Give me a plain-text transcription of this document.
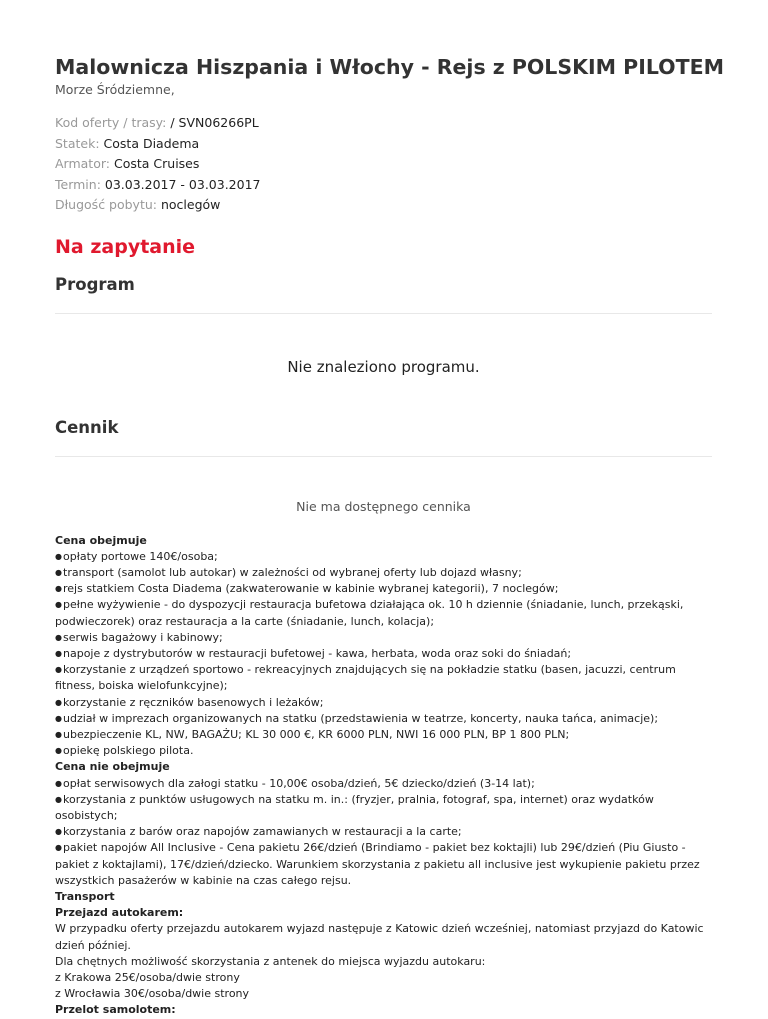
Malownicza Hiszpania i Włochy - Rejs z POLSKIM PILOTEM
Morze Śródziemne,
Kod oferty / trasy: / SVN06266PL
Statek: Costa Diadema
Armator: Costa Cruises
Termin: 03.03.2017 - 03.03.2017
Długość pobytu: noclegów
Na zapytanie
Program
Nie znaleziono programu.
Cennik
Nie ma dostępnego cennika
Cena obejmuje
●opłaty portowe 140€/osoba;
●transport (samolot lub autokar) w zależności od wybranej oferty lub dojazd własny;
●rejs statkiem Costa Diadema (zakwaterowanie w kabinie wybranej kategorii), 7 noclegów;
●pełne wyżywienie - do dyspozycji restauracja bufetowa działająca ok. 10 h dziennie (śniadanie, lunch, przekąski, podwieczorek) oraz restauracja a la carte (śniadanie, lunch, kolacja);
●serwis bagażowy i kabinowy;
●napoje z dystrybutorów w restauracji bufetowej - kawa, herbata, woda oraz soki do śniadań;
●korzystanie z urządzeń sportowo - rekreacyjnych znajdujących się na pokładzie statku (basen, jacuzzi, centrum fitness, boiska wielofunkcyjne);
●korzystanie z ręczników basenowych i leżaków;
●udział w imprezach organizowanych na statku (przedstawienia w teatrze, koncerty, nauka tańca, animacje);
●ubezpieczenie KL, NW, BAGAŻU; KL 30 000 €, KR 6000 PLN, NWI 16 000 PLN, BP 1 800 PLN;
●opiekę polskiego pilota.
Cena nie obejmuje
●opłat serwisowych dla załogi statku - 10,00€ osoba/dzień, 5€ dziecko/dzień (3-14 lat);
●korzystania z punktów usługowych na statku m. in.: (fryzjer, pralnia, fotograf, spa, internet) oraz wydatków osobistych;
●korzystania z barów oraz napojów zamawianych w restauracji a la carte;
●pakiet napojów All Inclusive - Cena pakietu 26€/dzień (Brindiamo - pakiet bez koktajli) lub 29€/dzień (Piu Giusto - pakiet z koktajlami), 17€/dzień/dziecko. Warunkiem skorzystania z pakietu all inclusive jest wykupienie pakietu przez wszystkich pasażerów w kabinie na czas całego rejsu.
Transport
Przejazd autokarem:
W przypadku oferty przejazdu autokarem wyjazd następuje z Katowic dzień wcześniej, natomiast przyjazd do Katowic dzień później.
Dla chętnych możliwość skorzystania z antenek do miejsca wyjazdu autokaru:
z Krakowa 25€/osoba/dwie strony
z Wrocławia 30€/osoba/dwie strony
Przelot samolotem:
